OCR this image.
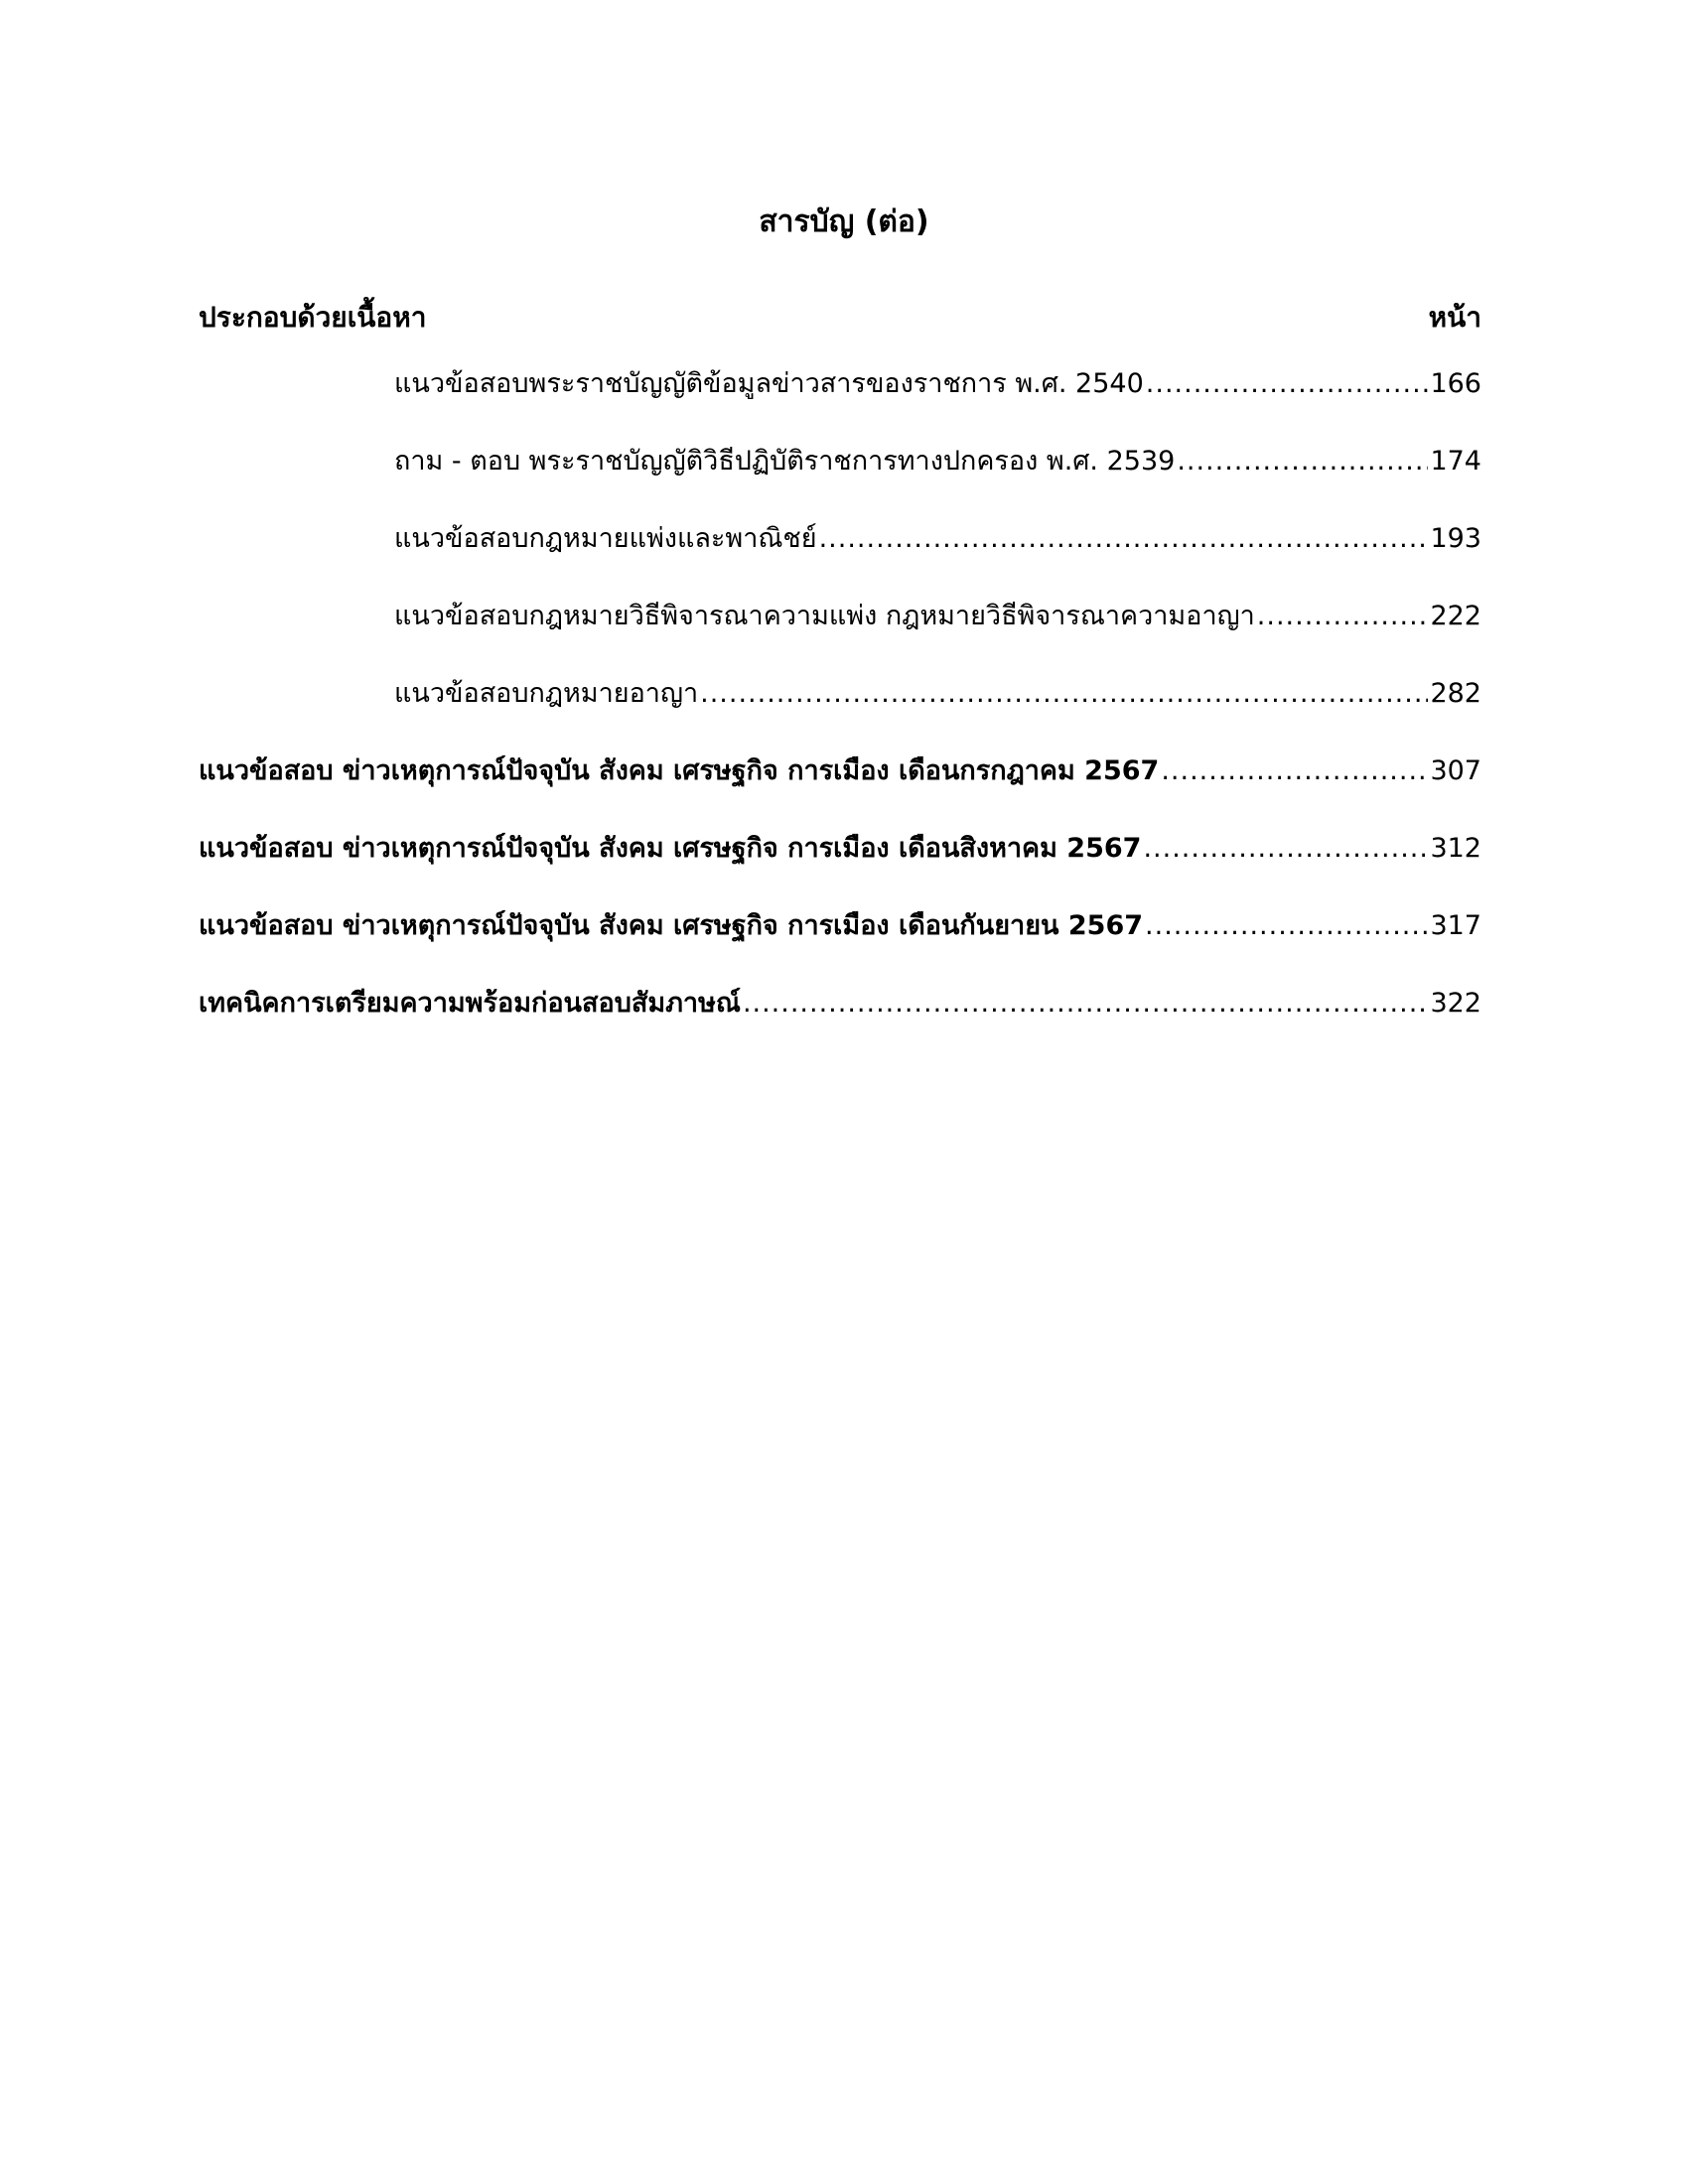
สารบัญ (ต่อ)
ประกอบด้วยเนื้อหา	หน้า
แนวข้อสอบพระราชบัญญัติข้อมูลข่าวสารของราชการ พ.ศ. 2540 .....	166
ถาม - ตอบ พระราชบัญญัติวิธีปฏิบัติราชการทางปกครอง พ.ศ. 2539 .....	174
แนวข้อสอบกฎหมายแพ่งและพาณิชย์ .....	193
แนวข้อสอบกฎหมายวิธีพิจารณาความแพ่ง กฎหมายวิธีพิจารณาความอาญา .....	222
แนวข้อสอบกฎหมายอาญา .....	282
แนวข้อสอบ ข่าวเหตุการณ์ปัจจุบัน สังคม เศรษฐกิจ การเมือง เดือนกรกฎาคม 2567 .....	307
แนวข้อสอบ ข่าวเหตุการณ์ปัจจุบัน สังคม เศรษฐกิจ การเมือง เดือนสิงหาคม 2567 .....	312
แนวข้อสอบ ข่าวเหตุการณ์ปัจจุบัน สังคม เศรษฐกิจ การเมือง เดือนกันยายน 2567 .....	317
เทคนิคการเตรียมความพร้อมก่อนสอบสัมภาษณ์ .....	322
